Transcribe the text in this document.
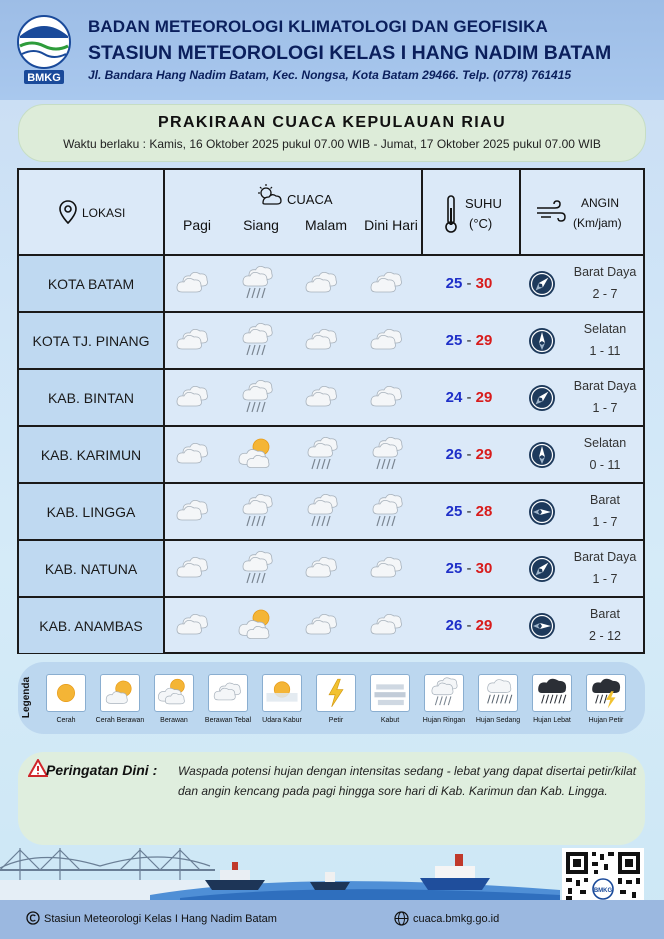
BMKG
BADAN METEOROLOGI KLIMATOLOGI DAN GEOFISIKA
STASIUN METEOROLOGI KELAS I HANG NADIM BATAM
Jl. Bandara Hang Nadim Batam, Kec. Nongsa, Kota Batam 29466. Telp. (0778) 761415
PRAKIRAAN CUACA KEPULAUAN RIAU
Waktu berlaku : Kamis, 16 Oktober 2025 pukul 07.00 WIB - Jumat, 17 Oktober 2025 pukul 07.00 WIB
LOKASI
CUACA
Pagi	Siang	Malam	Dini Hari
SUHU
(°C)
ANGIN
(Km/jam)
KOTA BATAM	25 - 30
Barat Daya
2 - 7
KOTA TJ. PINANG	25 - 29
Selatan
1 - 11
KAB. BINTAN	24 - 29
Barat Daya
1 - 7
KAB. KARIMUN	26 - 29
Selatan
0 - 11
KAB. LINGGA	25 - 28
Barat
1 - 7
KAB. NATUNA	25 - 30
Barat Daya
1 - 7
KAB. ANAMBAS	26 - 29
Barat
2 - 12
Legenda
Cerah	Cerah Berawan	Berawan	Berawan Tebal	Udara Kabur	Petir	Kabut	Hujan Ringan	Hujan Sedang	Hujan Lebat	Hujan Petir
Peringatan Dini : Waspada potensi hujan dengan intensitas sedang - lebat yang dapat disertai petir/kilat dan angin kencang pada pagi hingga sore hari di Kab. Karimun dan Kab. Lingga.
BMKG
Stasiun Meteorologi Kelas I Hang Nadim Batam	cuaca.bmkg.go.id
